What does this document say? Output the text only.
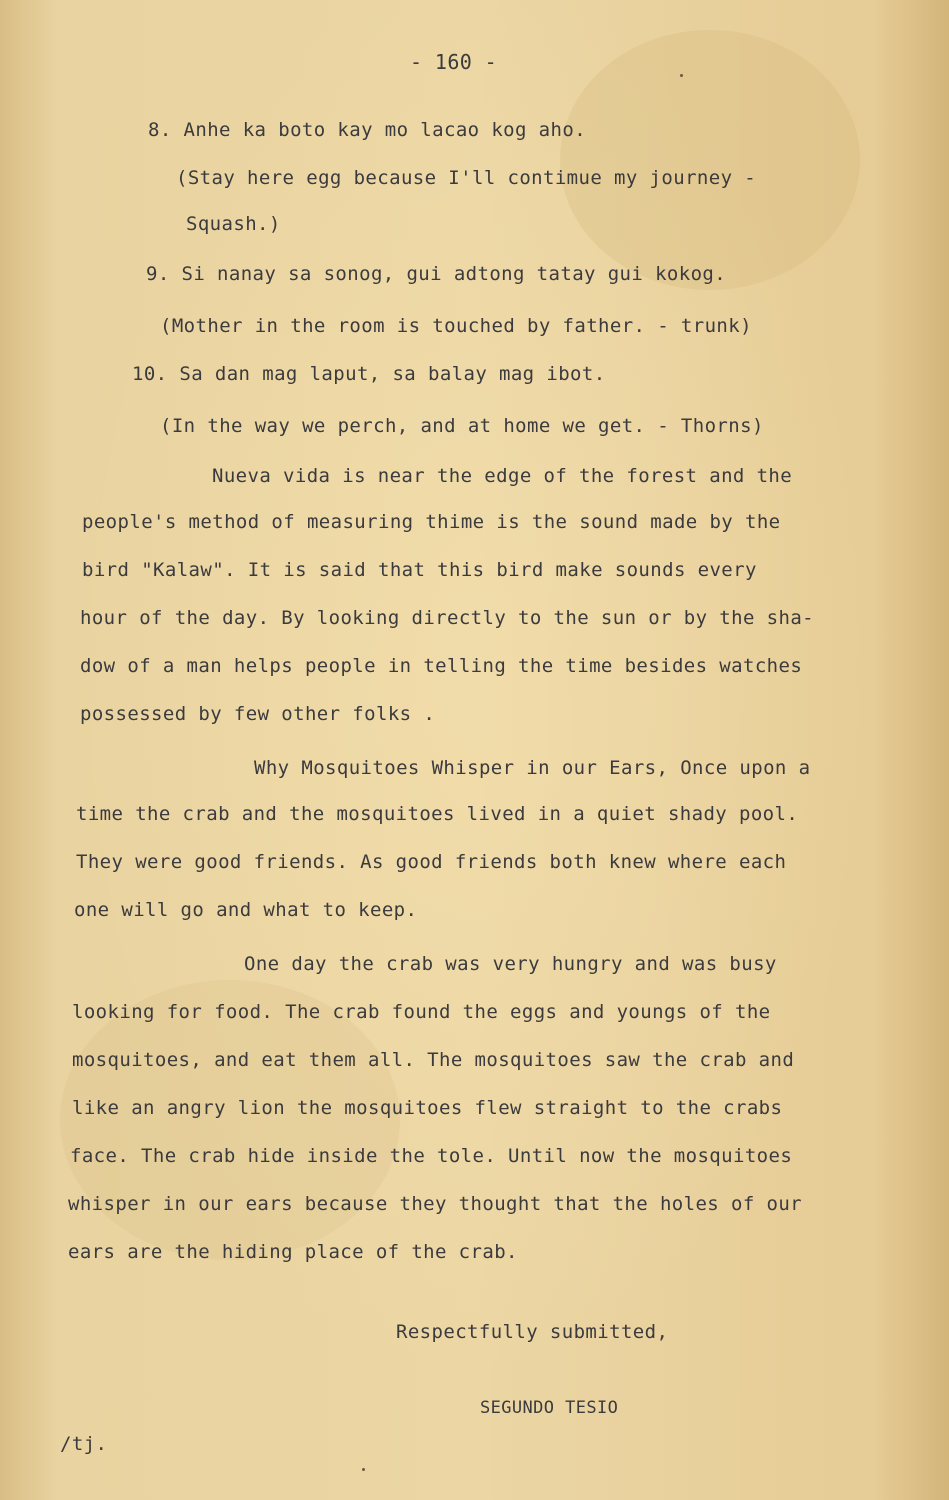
- 160 -
8. Anhe ka boto kay mo lacao kog aho.
(Stay here egg because I'll contimue my journey -
Squash.)
9. Si nanay sa sonog, gui adtong tatay gui kokog.
(Mother in the room is touched by father. - trunk)
10. Sa dan mag laput, sa balay mag ibot.
(In the way we perch, and at home we get. - Thorns)
Nueva vida is near the edge of the forest and the
people's method of measuring thime is the sound made by the
bird "Kalaw". It is said that this bird make sounds every
hour of the day. By looking directly to the sun or by the sha-
dow of a man helps people in telling the time besides watches
possessed by few other folks .
Why Mosquitoes Whisper in our Ears, Once upon a
time the crab and the mosquitoes lived in a quiet shady pool.
They were good friends. As good friends both knew where each
one will go and what to keep.
One day the crab was very hungry and was busy
looking for food. The crab found the eggs and youngs of the
mosquitoes, and eat them all. The mosquitoes saw the crab and
like an angry lion the mosquitoes flew straight to the crabs
face. The crab hide inside the tole. Until now the mosquitoes
whisper in our ears because they thought that the holes of our
ears are the hiding place of the crab.
Respectfully submitted,
SEGUNDO TESIO
/tj.
